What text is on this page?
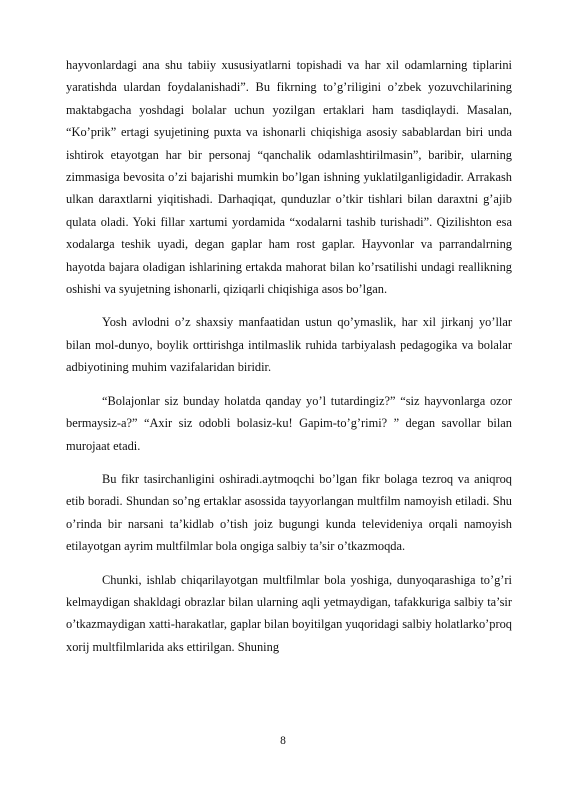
hayvonlardagi ana shu tabiiy xususiyatlarni topishadi va har xil odamlarning tiplarini yaratishda ulardan foydalanishadi”. Bu fikrning to’g’riligini o’zbek yozuvchilarining maktabgacha yoshdagi bolalar uchun yozilgan ertaklari ham tasdiqlaydi. Masalan, “Ko’prik” ertagi syujetining puxta va ishonarli chiqishiga asosiy sabablardan biri unda ishtirok etayotgan har bir personaj “qanchalik odamlashtirilmasin”, baribir, ularning zimmasiga bevosita o’zi bajarishi mumkin bo’lgan ishning yuklatilganligidadir. Arrakash ulkan daraxtlarni yiqitishadi. Darhaqiqat, qunduzlar o’tkir tishlari bilan daraxtni g’ajib qulata oladi. Yoki fillar xartumi yordamida “xodalarni tashib turishadi”. Qizilishton esa xodalarga teshik uyadi, degan gaplar ham rost gaplar. Hayvonlar va parrandalrning hayotda bajara oladigan ishlarining ertakda mahorat bilan ko’rsatilishi undagi reallikning oshishi va syujetning ishonarli, qiziqarli chiqishiga asos bo’lgan.

Yosh avlodni o’z shaxsiy manfaatidan ustun qo’ymaslik, har xil jirkanj yo’llar bilan mol-dunyo, boylik orttirishga intilmaslik ruhida tarbiyalash pedagogika va bolalar adbiyotining muhim vazifalaridan biridir.

“Bolajonlar siz bunday holatda qanday yo’l tutardingiz?” “siz hayvonlarga ozor bermaysiz-a?” “Axir siz odobli bolasiz-ku! Gapim-to’g’rimi? ” degan savollar bilan murojaat etadi.

Bu fikr tasirchanligini oshiradi.aytmoqchi bo’lgan fikr bolaga tezroq va aniqroq etib boradi. Shundan so’ng ertaklar asossida tayyorlangan multfilm namoyish etiladi. Shu o’rinda bir narsani ta’kidlab o’tish joiz bugungi kunda televideniya orqali namoyish etilayotgan ayrim multfilmlar bola ongiga salbiy ta’sir o’tkazmoqda.

Chunki, ishlab chiqarilayotgan multfilmlar bola yoshiga, dunyoqarashiga to’g’ri kelmaydigan shakldagi obrazlar bilan ularning aqli yetmaydigan, tafakkuriga salbiy ta’sir o’tkazmaydigan xatti-harakatlar, gaplar bilan boyitilgan yuqoridagi salbiy holatlarko’proq xorij multfilmlarida aks ettirilgan. Shuning

8
